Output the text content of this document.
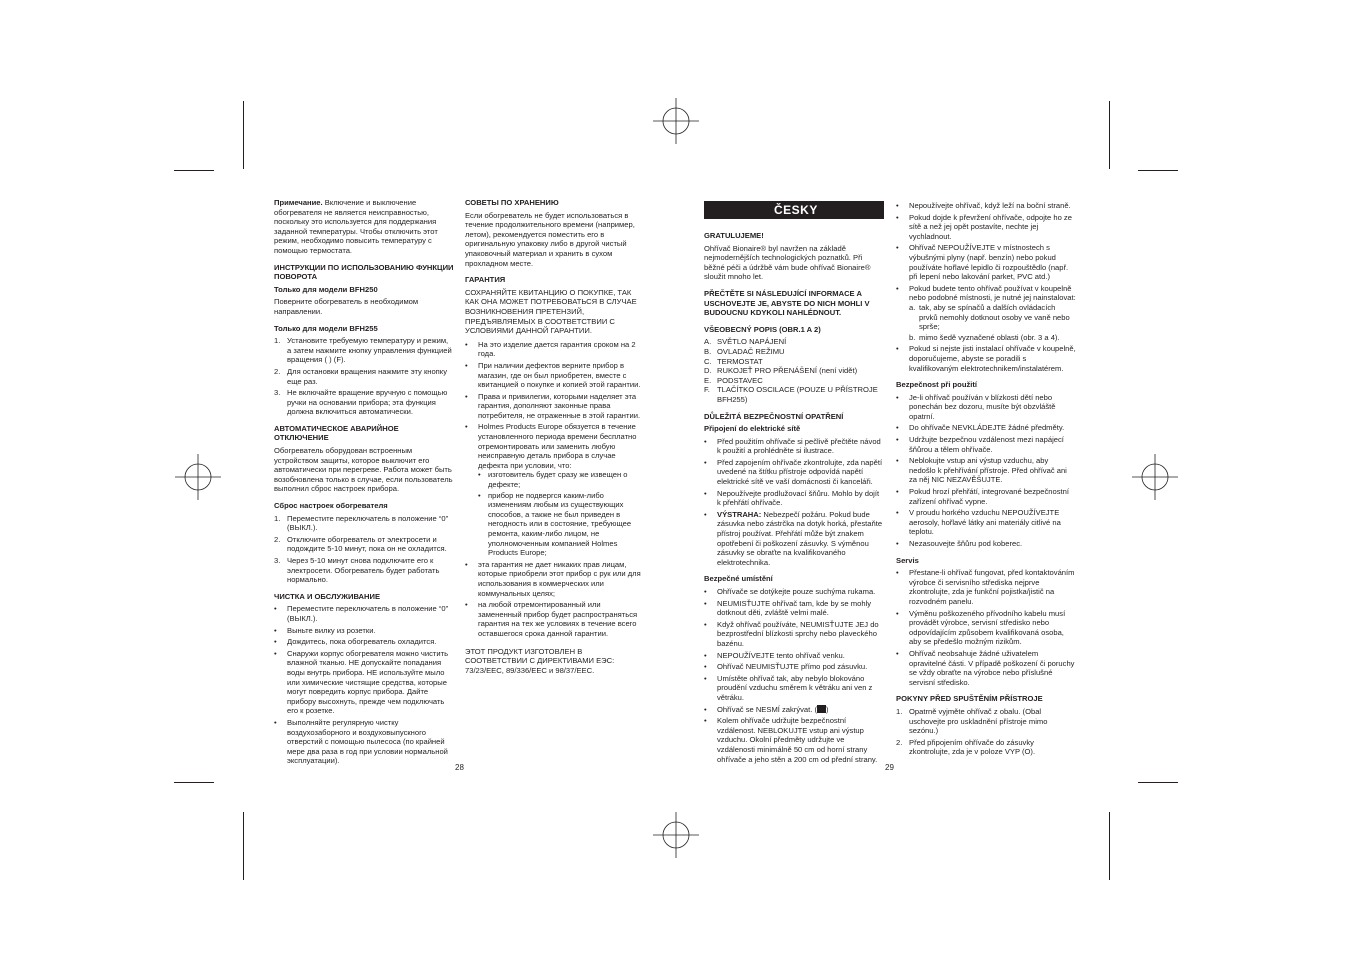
Примечание. Включение и выключение обогревателя не является неисправностью, поскольку это используется для поддержания заданной температуры. Чтобы отключить этот режим, необходимо повысить температуру с помощью термостата.

ИНСТРУКЦИИ ПО ИСПОЛЬЗОВАНИЮ ФУНКЦИИ ПОВОРОТА
Только для модели BFH250

Поверните обогреватель в необходимом направлении.

Только для модели BFH255
1. Установите требуемую температуру и режим, а затем нажмите кнопку управления функцией вращения ( ) (F).
2. Для остановки вращения нажмите эту кнопку еще раз.
3. Не включайте вращение вручную с помощью ручки на основании прибора; эта функция должна включиться автоматически.
АВТОМАТИЧЕСКОЕ АВАРИЙНОЕ ОТКЛЮЧЕНИЕ

Обогреватель оборудован встроенным устройством защиты, которое выключит его автоматически при перегреве. Работа может быть возобновлена только в случае, если пользователь выполнил сброс настроек прибора.

Сброс настроек обогревателя
1. Переместите переключатель в положение “0” (ВЫКЛ.).
2. Отключите обогреватель от электросети и подождите 5-10 минут, пока он не охладится.
3. Через 5-10 минут снова подключите его к электросети. Обогреватель будет работать нормально.
ЧИСТКА И ОБСЛУЖИВАНИЕ
• Переместите переключатель в положение “0” (ВЫКЛ.).
• Выньте вилку из розетки.
• Дождитесь, пока обогреватель охладится.
• Снаружи корпус обогревателя можно чистить влажной тканью. НЕ допускайте попадания воды внутрь прибора. НЕ используйте мыло или химические чистящие средства, которые могут повредить корпус прибора. Дайте прибору высохнуть, прежде чем подключать его к розетке.
• Выполняйте регулярную чистку воздухозаборного и воздуховыпускного отверстий с помощью пылесоса (по крайней мере два раза в год при условии нормальной эксплуатации).
СОВЕТЫ ПО ХРАНЕНИЮ

Если обогреватель не будет использоваться в течение продолжительного времени (например, летом), рекомендуется поместить его в оригинальную упаковку либо в другой чистый упаковочный материал и хранить в сухом прохладном месте.

ГАРАНТИЯ

СОХРАНЯЙТЕ КВИТАНЦИЮ О ПОКУПКЕ, ТАК КАК ОНА МОЖЕТ ПОТРЕБОВАТЬСЯ В СЛУЧАЕ ВОЗНИКНОВЕНИЯ ПРЕТЕНЗИЙ, ПРЕДЪЯВЛЯЕМЫХ В СООТВЕТСТВИИ С УСЛОВИЯМИ ДАННОЙ ГАРАНТИИ.

• На это изделие дается гарантия сроком на 2 года.
• При наличии дефектов верните прибор в магазин, где он был приобретен, вместе с квитанцией о покупке и копией этой гарантии.
• Права и привилегии, которыми наделяет эта гарантия, дополняют законные права потребителя, не отраженные в этой гарантии.
• Holmes Products Europe обязуется в течение установленного периода времени бесплатно отремонтировать или заменить любую неисправную деталь прибора в случае дефекта при условии, что:
• изготовитель будет сразу же извещен о дефекте;
• прибор не подвергся каким-либо изменениям любым из существующих способов, а также не был приведен в негодность или в состояние, требующее ремонта, каким-либо лицом, не уполномоченным компанией Holmes Products Europe;
• эта гарантия не дает никаких прав лицам, которые приобрели этот прибор с рук или для использования в коммерческих или коммунальных целях;
• на любой отремонтированный или замененный прибор будет распространяться гарантия на тех же условиях в течение всего оставшегося срока данной гарантии.

ЭТОТ ПРОДУКТ ИЗГОТОВЛЕН В СООТВЕТСТВИИ С ДИРЕКТИВАМИ ЕЭС: 73/23/EEC, 89/336/EEC и 98/37/EEC.

28
ČESKY
GRATULUJEME!

Ohřívač Bionaire® byl navržen na základě nejmodernějších technologických poznatků. Při běžné péči a údržbě vám bude ohřívač Bionaire® sloužit mnoho let.

PŘEČTĚTE SI NÁSLEDUJÍCÍ INFORMACE A USCHOVEJTE JE, ABYSTE DO NICH MOHLI V BUDOUCNU KDYKOLI NAHLÉDNOUT.
VŠEOBECNÝ POPIS (OBR.1 A 2)
A. SVĚTLO NAPÁJENÍ
B. OVLADAČ REŽIMU
C. TERMOSTAT
D. RUKOJEŤ PRO PŘENÁŠENÍ (není vidět)
E. PODSTAVEC
F. TLAČÍTKO OSCILACE (POUZE U PŘÍSTROJE BFH255)
DŮLEŽITÁ BEZPEČNOSTNÍ OPATŘENÍ
Připojení do elektrické sítě
• Před použitím ohřívače si pečlivě přečtěte návod k použití a prohlédněte si ilustrace.
• Před zapojením ohřívače zkontrolujte, zda napětí uvedené na štítku přístroje odpovídá napětí elektrické sítě ve vaší domácnosti či kanceláři.
• Nepoužívejte prodlužovací šňůru. Mohlo by dojít k přehřátí ohřívače.
• VÝSTRAHA: Nebezpečí požáru. Pokud bude zásuvka nebo zástrčka na dotyk horká, přestaňte přístroj používat. Přehřátí může být znakem opotřebení či poškození zásuvky. S výměnou zásuvky se obraťte na kvalifikovaného elektrotechnika.
Bezpečné umístění
• Ohřívače se dotýkejte pouze suchýma rukama.
• NEUMISŤUJTE ohřívač tam, kde by se mohly dotknout děti, zvláště velmi malé.
• Když ohřívač používáte, NEUMISŤUJTE JEJ do bezprostřední blízkosti sprchy nebo plaveckého bazénu.
• NEPOUŽÍVEJTE tento ohřívač venku.
• Ohřívač NEUMISŤUJTE přímo pod zásuvku.
• Umístěte ohřívač tak, aby nebylo blokováno proudění vzduchu směrem k větráku ani ven z větráku.
• Ohřívač se NESMÍ zakrývat. ( )
• Kolem ohřívače udržujte bezpečnostní vzdálenost. NEBLOKUJTE vstup ani výstup vzduchu. Okolní předměty udržujte ve vzdálenosti minimálně 50 cm od horní strany ohřívače a jeho stěn a 200 cm od přední strany.
• Nepoužívejte ohřívač, když leží na boční straně.
• Pokud dojde k převržení ohřívače, odpojte ho ze sítě a než jej opět postavíte, nechte jej vychladnout.
• Ohřívač NEPOUŽÍVEJTE v místnostech s výbušnými plyny (např. benzín) nebo pokud používáte hořlavé lepidlo či rozpouštědlo (např. při lepení nebo lakování parket, PVC atd.)
• Pokud budete tento ohřívač používat v koupelně nebo podobné místnosti, je nutné jej nainstalovat:
a. tak, aby se spínačů a dalších ovládacích prvků nemohly dotknout osoby ve vaně nebo sprše;
b. mimo šedě vyznačené oblasti (obr. 3 a 4).
• Pokud si nejste jisti instalací ohřívače v koupelně, doporučujeme, abyste se poradili s kvalifikovaným elektrotechnikem/instalatérem.
Bezpečnost při použití
• Je-li ohřívač používán v blízkosti dětí nebo ponechán bez dozoru, musíte být obzvláště opatrní.
• Do ohřívače NEVKLÁDEJTE žádné předměty.
• Udržujte bezpečnou vzdálenost mezi napájecí šňůrou a tělem ohřívače.
• Neblokujte vstup ani výstup vzduchu, aby nedošlo k přehřívání přístroje. Před ohřívač ani za něj NIC NEZAVĚŠUJTE.
• Pokud hrozí přehřátí, integrované bezpečnostní zařízení ohřívač vypne.
• V proudu horkého vzduchu NEPOUŽÍVEJTE aerosoly, hořlavé látky ani materiály citlivé na teplotu.
• Nezasouvejte šňůru pod koberec.
Servis
• Přestane-li ohřívač fungovat, před kontaktováním výrobce či servisního střediska nejprve zkontrolujte, zda je funkční pojistka/jistič na rozvodném panelu.
• Výměnu poškozeného přívodního kabelu musí provádět výrobce, servisní středisko nebo odpovídajícím způsobem kvalifikovaná osoba, aby se předešlo možným rizikům.
• Ohřívač neobsahuje žádné uživatelem opravitelné části. V případě poškození či poruchy se vždy obraťte na výrobce nebo příslušné servisní středisko.
POKYNY PŘED SPUŠTĚNÍM PŘÍSTROJE
1. Opatrně vyjměte ohřívač z obalu. (Obal uschovejte pro uskladnění přístroje mimo sezónu.)
2. Před připojením ohřívače do zásuvky zkontrolujte, zda je v poloze VYP (O).
29
